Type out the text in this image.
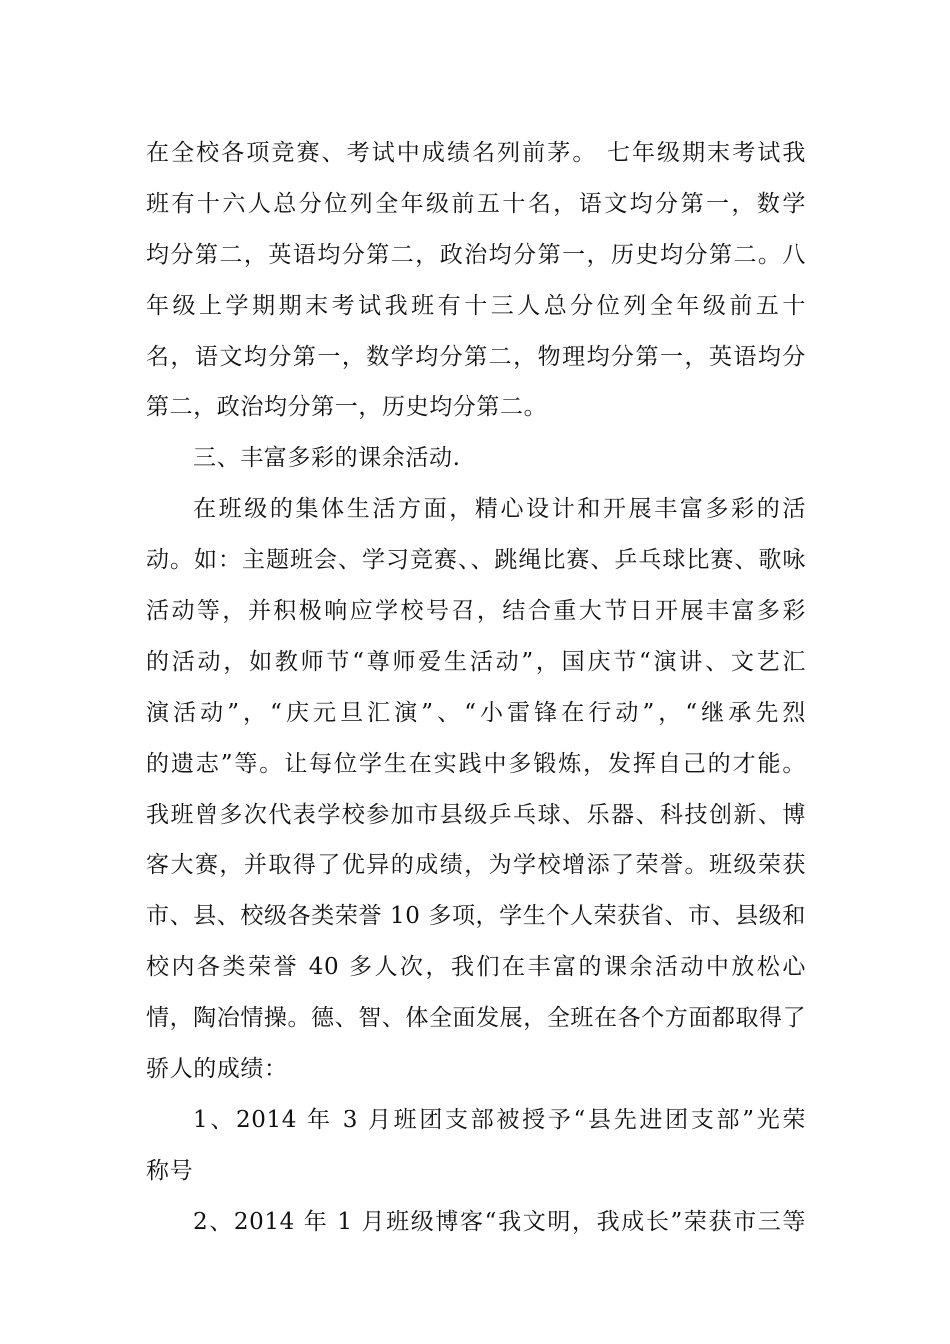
在全校各项竞赛、考试中成绩名列前茅。 七年级期末考试我
班有十六人总分位列全年级前五十名，语文均分第一，数学
均分第二，英语均分第二，政治均分第一，历史均分第二。八
年级上学期期末考试我班有十三人总分位列全年级前五十
名，语文均分第一，数学均分第二，物理均分第一，英语均分
第二，政治均分第一，历史均分第二。
三、丰富多彩的课余活动.
在班级的集体生活方面，精心设计和开展丰富多彩的活
动。如：主题班会、学习竞赛、、跳绳比赛、乒乓球比赛、歌咏
活动等，并积极响应学校号召，结合重大节日开展丰富多彩
的活动，如教师节“尊师爱生活动”，国庆节“演讲、文艺汇
演活动”，“庆元旦汇演”、“小雷锋在行动”，“继承先烈
的遗志”等。让每位学生在实践中多锻炼，发挥自己的才能。
我班曾多次代表学校参加市县级乒乓球、乐器、科技创新、博
客大赛，并取得了优异的成绩，为学校增添了荣誉。班级荣获
市、县、校级各类荣誉 10 多项，学生个人荣获省、市、县级和
校内各类荣誉 40 多人次，我们在丰富的课余活动中放松心
情，陶冶情操。德、智、体全面发展，全班在各个方面都取得了
骄人的成绩：
1、2014 年 3 月班团支部被授予“县先进团支部”光荣
称号
2、2014 年 1 月班级博客“我文明，我成长”荣获市三等
